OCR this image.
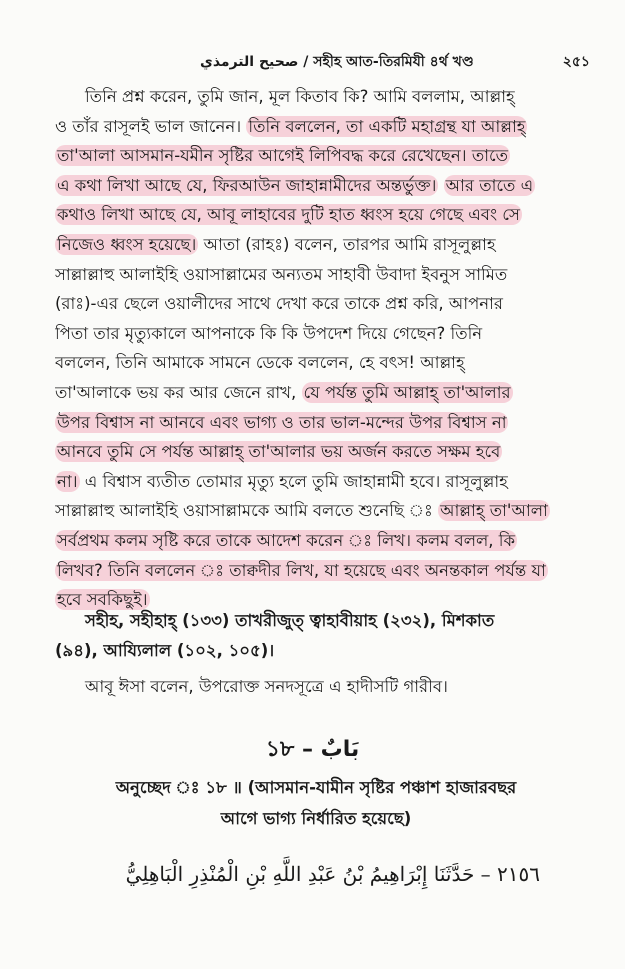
صحيح الترمذي / সহীহ আত-তিরমিযী ৪র্থ খণ্ড	২৫১
তিনি প্রশ্ন করেন, তুমি জান, মূল কিতাব কি? আমি বললাম, আল্লাহ্
ও তাঁর রাসূলই ভাল জানেন। তিনি বললেন, তা একটি মহাগ্রন্থ যা আল্লাহ্
তা'আলা আসমান-যমীন সৃষ্টির আগেই লিপিবদ্ধ করে রেখেছেন। তাতে
এ কথা লিখা আছে যে, ফিরআউন জাহান্নামীদের অন্তর্ভুক্ত। আর তাতে এ
কথাও লিখা আছে যে, আবূ লাহাবের দুটি হাত ধ্বংস হয়ে গেছে এবং সে
নিজেও ধ্বংস হয়েছে। আতা (রাহঃ) বলেন, তারপর আমি রাসূলুল্লাহ
সাল্লাল্লাহু আলাইহি ওয়াসাল্লামের অন্যতম সাহাবী উবাদা ইবনুস সামিত
(রাঃ)-এর ছেলে ওয়ালীদের সাথে দেখা করে তাকে প্রশ্ন করি, আপনার
পিতা তার মৃত্যুকালে আপনাকে কি কি উপদেশ দিয়ে গেছেন? তিনি
বললেন, তিনি আমাকে সামনে ডেকে বললেন, হে বৎস! আল্লাহ্
তা'আলাকে ভয় কর আর জেনে রাখ, যে পর্যন্ত তুমি আল্লাহ্ তা'আলার
উপর বিশ্বাস না আনবে এবং ভাগ্য ও তার ভাল-মন্দের উপর বিশ্বাস না
আনবে তুমি সে পর্যন্ত আল্লাহ্ তা'আলার ভয় অর্জন করতে সক্ষম হবে
না। এ বিশ্বাস ব্যতীত তোমার মৃত্যু হলে তুমি জাহান্নামী হবে। রাসূলুল্লাহ
সাল্লাল্লাহু আলাইহি ওয়াসাল্লামকে আমি বলতে শুনেছি ঃ আল্লাহ্ তা'আলা
সর্বপ্রথম কলম সৃষ্টি করে তাকে আদেশ করেন ঃ লিখ। কলম বলল, কি
লিখব? তিনি বললেন ঃ তাক্বদীর লিখ, যা হয়েছে এবং অনন্তকাল পর্যন্ত যা
হবে সবকিছুই।
সহীহ, সহীহাহ্ (১৩৩) তাখরীজুত্ ত্বাহাবীয়াহ (২৩২), মিশকাত
(৯৪), আয্যিলাল (১০২, ১০৫)।
আবূ ঈসা বলেন, উপরোক্ত সনদসূত্রে এ হাদীসটি গারীব।
১৮ – بَابٌ
অনুচ্ছেদ ঃ ১৮ ॥ (আসমান-যামীন সৃষ্টির পঞ্চাশ হাজারবছর
আগে ভাগ্য নির্ধারিত হয়েছে)
٢١٥٦ – حَدَّثَنَا إِبْرَاهِيمُ بْنُ عَبْدِ اللَّهِ بْنِ الْمُنْذِرِ الْبَاهِلِيُّ
